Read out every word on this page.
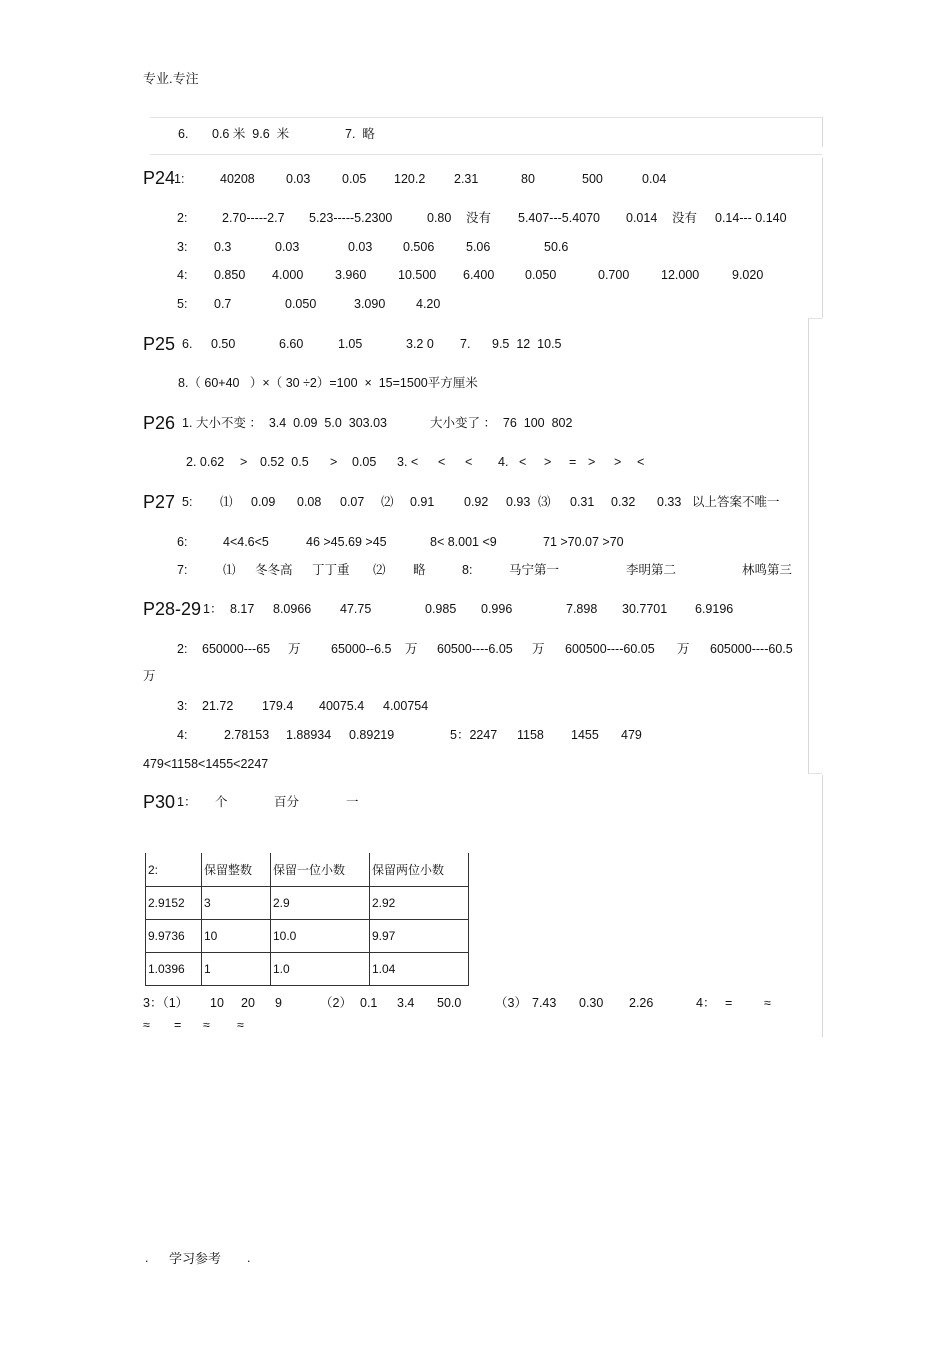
专业.专注
6. 0.6 米  9.6  米	7.  略
P24
1:	40208 0.03	0.05 120.2 2.31	80	500	0.04
2:	2.70-----2.7 5.23-----5.2300	0.80 没有 5.407---5.4070 0.014 没有 0.14--- 0.140
3: 0.3	0.03	0.03 0.506	5.06	50.6
4: 0.850 4.000	3.960	10.500 6.400 0.050	0.700	12.000	9.020
5: 0.7	0.050	3.090 4.20
P25 6. 0.50	6.60	1.05	3.2 0 7. 9.5  12  10.5
8.（ 60+40   ）×（ 30 ÷2）=100  ×  15=1500平方厘米
P26 1. 大小不变 ：  3.4  0.09  5.0  303.03	大小变了 ：  76  100  802
2. 0.62 > 0.52  0.5 > 0.05 3. < < < 4. < > = > > <
P27 5: ⑴ 0.09 0.08 0.07 ⑵ 0.91 0.92 0.93 ⑶ 0.31 0.32 0.33 以上答案不唯一
6:	4<4.6<5	46 >45.69 >45	8< 8.001 <9	71 >70.07 >70
7:	⑴ 冬冬高 丁丁重 ⑵ 略	8:	马宁第一	李明第二	林鸣第三
P28-29 1： 8.17 8.0966 47.75	0.985 0.996	7.898 30.7701 6.9196
2: 650000---65 万 65000--6.5 万 60500----6.05 万 600500----60.05 万 605000----60.5
万
3: 21.72 179.4 40075.4 4.00754
4:	2.78153 1.88934 0.89219	5：2247 1158 1455 479
479<1158<1455<2247
P30 1： 个	百分	一
2:	保留整数	保留一位小数	保留两位小数
2.9152	3	2.9	2.92
9.9736	10	10.0	9.97
1.0396	1	1.0	1.04
3：（1） 10 20 9	（2） 0.1 3.4 50.0	（3） 7.43 0.30 2.26	4： =	≈
≈ = ≈ ≈
. 学习参考 .
